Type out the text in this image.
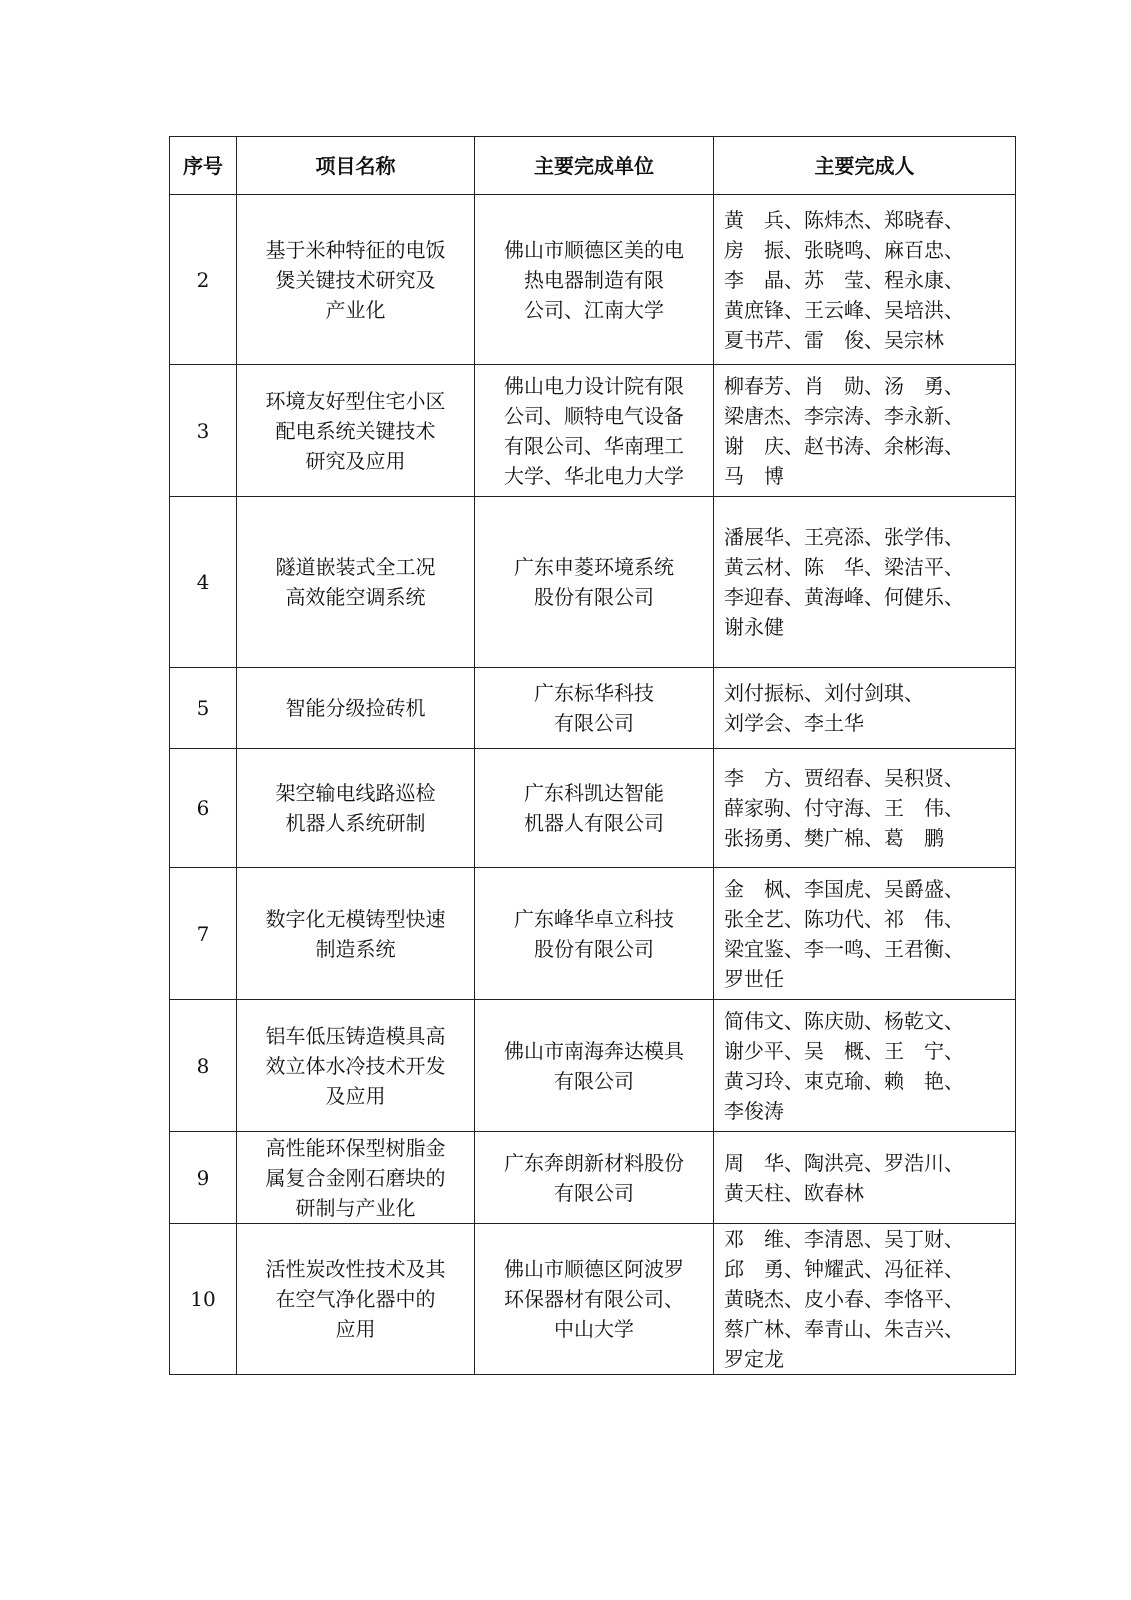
序号	项目名称	主要完成单位	主要完成人
2	基于米种特征的电饭
煲关键技术研究及
产业化	佛山市顺德区美的电
热电器制造有限
公司、江南大学	黄　兵、陈炜杰、郑晓春、
房　振、张晓鸣、麻百忠、
李　晶、苏　莹、程永康、
黄庶锋、王云峰、吴培洪、
夏书芹、雷　俊、吴宗林

3	环境友好型住宅小区
配电系统关键技术
研究及应用	佛山电力设计院有限
公司、顺特电气设备
有限公司、华南理工
大学、华北电力大学	柳春芳、肖　勋、汤　勇、
梁唐杰、李宗涛、李永新、
谢　庆、赵书涛、余彬海、
马　博

4	隧道嵌装式全工况
高效能空调系统	广东申菱环境系统
股份有限公司	潘展华、王亮添、张学伟、
黄云材、陈　华、梁洁平、
李迎春、黄海峰、何健乐、
谢永健

5	智能分级捡砖机	广东标华科技
有限公司	刘付振标、刘付剑琪、
刘学会、李土华

6	架空输电线路巡检
机器人系统研制	广东科凯达智能
机器人有限公司	李　方、贾绍春、吴积贤、
薛家驹、付守海、王　伟、
张扬勇、樊广棉、葛　鹏

7	数字化无模铸型快速
制造系统	广东峰华卓立科技
股份有限公司	金　枫、李国虎、吴爵盛、
张全艺、陈功代、祁　伟、
梁宜鉴、李一鸣、王君衡、
罗世任

8	铝车低压铸造模具高
效立体水冷技术开发
及应用	佛山市南海奔达模具
有限公司	简伟文、陈庆勋、杨乾文、
谢少平、吴　概、王　宁、
黄习玲、束克瑜、赖　艳、
李俊涛

9	高性能环保型树脂金
属复合金刚石磨块的
研制与产业化	广东奔朗新材料股份
有限公司	周　华、陶洪亮、罗浩川、
黄天柱、欧春林

10	活性炭改性技术及其
在空气净化器中的
应用	佛山市顺德区阿波罗
环保器材有限公司、
中山大学	邓　维、李清恩、吴丁财、
邱　勇、钟耀武、冯征祥、
黄晓杰、皮小春、李恪平、
蔡广林、奉青山、朱吉兴、
罗定龙
